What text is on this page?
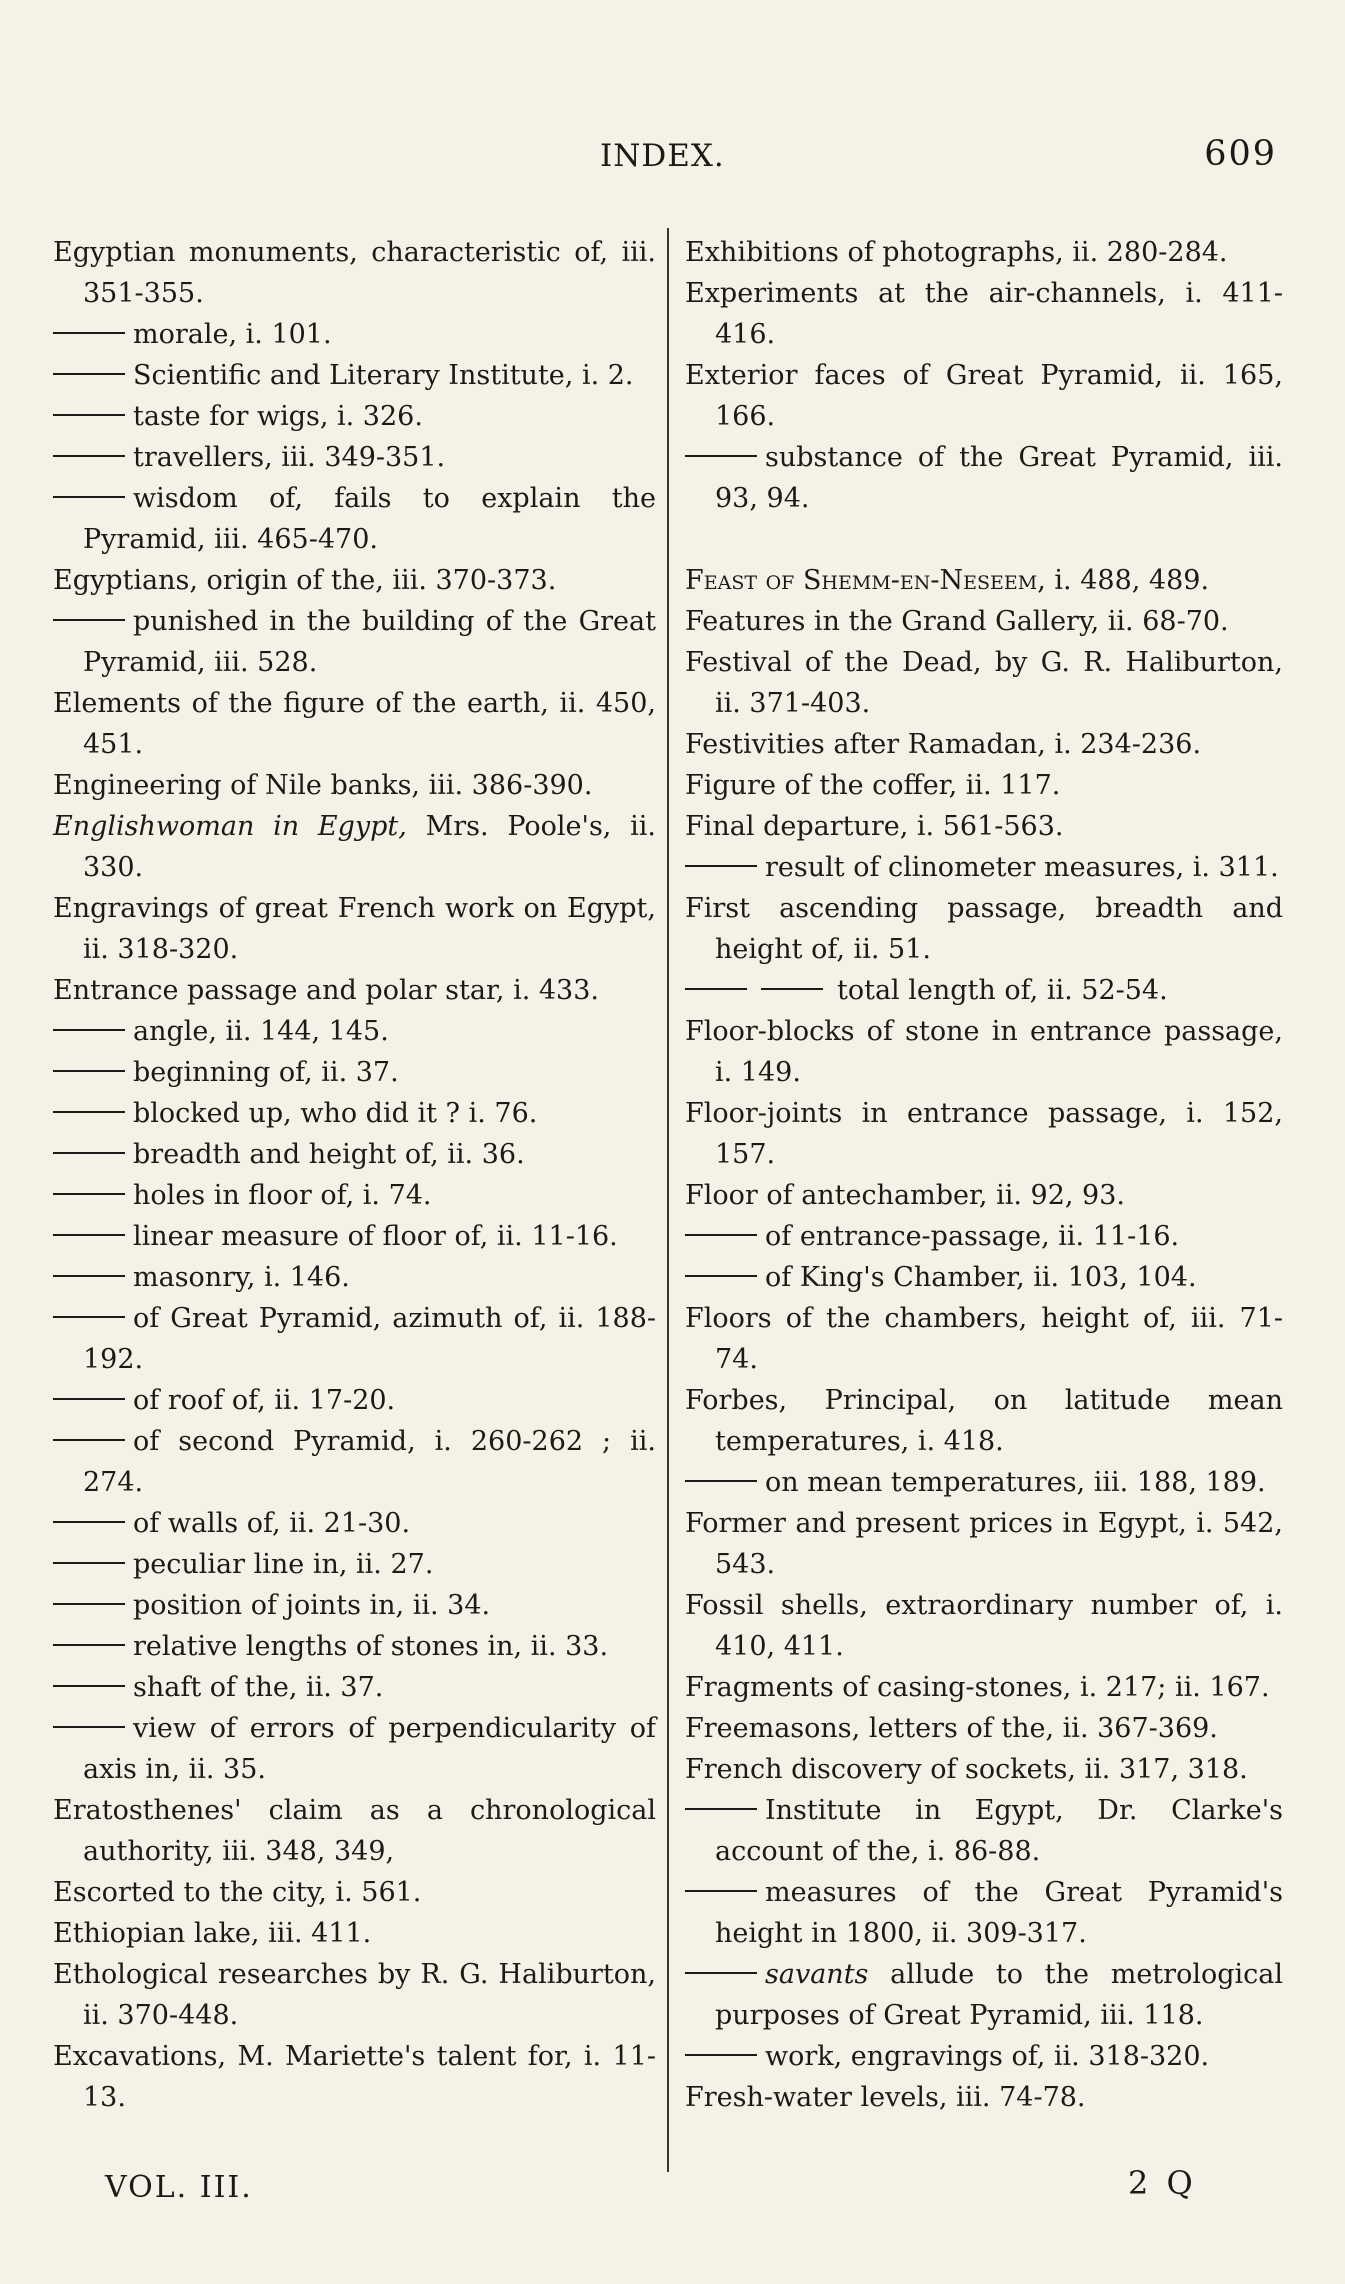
INDEX.	609
Egyptian monuments, characteristic of, iii. 351-355.
morale, i. 101.
Scientific and Literary Institute, i. 2.
taste for wigs, i. 326.
travellers, iii. 349-351.
wisdom of, fails to explain the Pyramid, iii. 465-470.
Egyptians, origin of the, iii. 370-373.
punished in the building of the Great Pyramid, iii. 528.
Elements of the figure of the earth, ii. 450, 451.
Engineering of Nile banks, iii. 386-390.
Englishwoman in Egypt, Mrs. Poole's, ii. 330.
Engravings of great French work on Egypt, ii. 318-320.
Entrance passage and polar star, i. 433.
angle, ii. 144, 145.
beginning of, ii. 37.
blocked up, who did it ? i. 76.
breadth and height of, ii. 36.
holes in floor of, i. 74.
linear measure of floor of, ii. 11-16.
masonry, i. 146.
of Great Pyramid, azimuth of, ii. 188-192.
of roof of, ii. 17-20.
of second Pyramid, i. 260-262 ; ii. 274.
of walls of, ii. 21-30.
peculiar line in, ii. 27.
position of joints in, ii. 34.
relative lengths of stones in, ii. 33.
shaft of the, ii. 37.
view of errors of perpendicularity of axis in, ii. 35.
Eratosthenes' claim as a chronological authority, iii. 348, 349,
Escorted to the city, i. 561.
Ethiopian lake, iii. 411.
Ethological researches by R. G. Haliburton, ii. 370-448.
Excavations, M. Mariette's talent for, i. 11-13.
Exhibitions of photographs, ii. 280-284.
Experiments at the air-channels, i. 411-416.
Exterior faces of Great Pyramid, ii. 165, 166.
substance of the Great Pyramid, iii. 93, 94.
Feast of Shemm-en-Neseem, i. 488, 489.
Features in the Grand Gallery, ii. 68-70.
Festival of the Dead, by G. R. Haliburton, ii. 371-403.
Festivities after Ramadan, i. 234-236.
Figure of the coffer, ii. 117.
Final departure, i. 561-563.
result of clinometer measures, i. 311.
First ascending passage, breadth and height of, ii. 51.
total length of, ii. 52-54.
Floor-blocks of stone in entrance passage, i. 149.
Floor-joints in entrance passage, i. 152, 157.
Floor of antechamber, ii. 92, 93.
of entrance-passage, ii. 11-16.
of King's Chamber, ii. 103, 104.
Floors of the chambers, height of, iii. 71-74.
Forbes, Principal, on latitude mean temperatures, i. 418.
on mean temperatures, iii. 188, 189.
Former and present prices in Egypt, i. 542, 543.
Fossil shells, extraordinary number of, i. 410, 411.
Fragments of casing-stones, i. 217; ii. 167.
Freemasons, letters of the, ii. 367-369.
French discovery of sockets, ii. 317, 318.
Institute in Egypt, Dr. Clarke's account of the, i. 86-88.
measures of the Great Pyramid's height in 1800, ii. 309-317.
savants allude to the metrological purposes of Great Pyramid, iii. 118.
work, engravings of, ii. 318-320.
Fresh-water levels, iii. 74-78.
VOL. III.	2 Q
